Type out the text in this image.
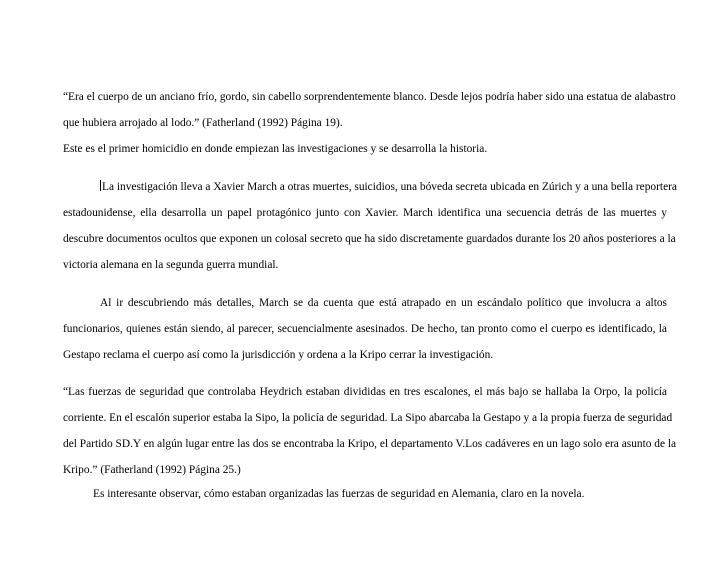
“Era el cuerpo de un anciano frío, gordo, sin cabello sorprendentemente blanco. Desde lejos podría haber sido una estatua de alabastro
que hubiera arrojado al lodo.” (Fatherland (1992) Página 19).
Este es el primer homicidio en donde empiezan las investigaciones y se desarrolla la historia.
La investigación lleva a Xavier March a otras muertes, suicidios, una bóveda secreta ubicada en Zúrich y a una bella reportera
estadounidense, ella desarrolla un papel protagónico junto con Xavier. March identifica una secuencia detrás de las muertes y
descubre documentos ocultos que exponen un colosal secreto que ha sido discretamente guardados durante los 20 años posteriores a la
victoria alemana en la segunda guerra mundial.
Al ir descubriendo más detalles, March se da cuenta que está atrapado en un escándalo político que involucra a altos
funcionarios, quienes están siendo, al parecer, secuencialmente asesinados. De hecho, tan pronto como el cuerpo es identificado, la
Gestapo reclama el cuerpo así como la jurisdicción y ordena a la Kripo cerrar la investigación.
“Las fuerzas de seguridad que controlaba Heydrich estaban divididas en tres escalones, el más bajo se hallaba la Orpo, la policía
corriente. En el escalón superior estaba la Sipo, la policía de seguridad. La Sipo abarcaba la Gestapo y a la propia fuerza de seguridad
del Partido SD.Y en algún lugar entre las dos se encontraba la Kripo, el departamento V.Los cadáveres en un lago solo era asunto de la
Kripo.” (Fatherland (1992) Página 25.)
Es interesante observar, cómo estaban organizadas las fuerzas de seguridad en Alemania, claro en la novela.
